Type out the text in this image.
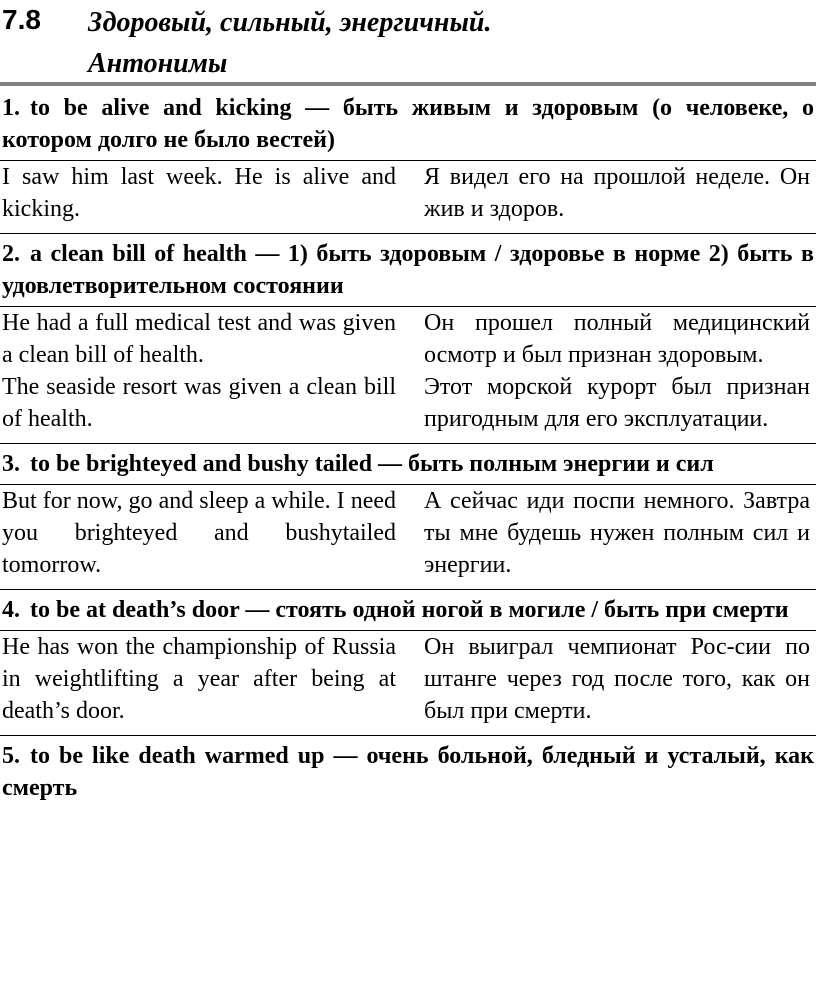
7.8 Здоровый, сильный, энергичный.
Антонимы
1. to be alive and kicking — быть живым и здоровым (о человеке, о котором долго не было вестей)
I saw him last week. He is alive and kicking.
Я видел его на прошлой неделе. Он жив и здоров.
2. a clean bill of health — 1) быть здоровым / здоровье в норме 2) быть в удовлетворительном состоянии
He had a full medical test and was given a clean bill of health.
Он прошел полный медицинский осмотр и был признан здоровым.
The seaside resort was given a clean bill of health.
Этот морской курорт был признан пригодным для его эксплуатации.
3. to be brighteyed and bushy tailed — быть полным энергии и сил
But for now, go and sleep a while. I need you brighteyed and bushytailed tomorrow.
А сейчас иди поспи немного. Завтра ты мне будешь нужен полным сил и энергии.
4. to be at death’s door — стоять одной ногой в могиле / быть при смерти
He has won the championship of Russia in weightlifting a year after being at death’s door.
Он выиграл чемпионат Рос-сии по штанге через год после того, как он был при смерти.
5. to be like death warmed up — очень больной, бледный и усталый, как смерть
